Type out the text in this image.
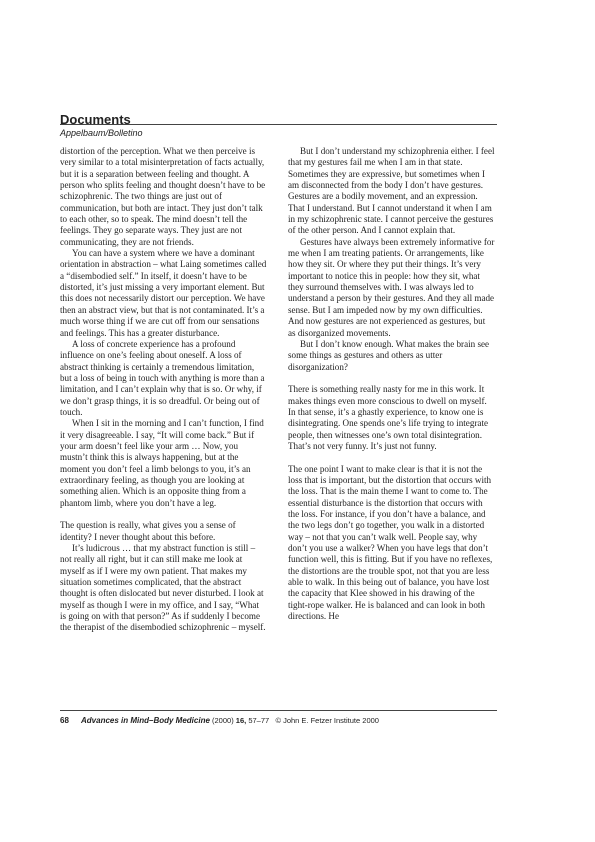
Documents
Appelbaum/Bolletino

distortion of the perception. What we then perceive is very similar to a total misinterpretation of facts actually, but it is a separation between feeling and thought. A person who splits feeling and thought doesn’t have to be schizophrenic. The two things are just out of communication, but both are intact. They just don’t talk to each other, so to speak. The mind doesn’t tell the feelings. They go separate ways. They just are not communicating, they are not friends.

You can have a system where we have a dominant orientation in abstraction – what Laing sometimes called a “disembodied self.” In itself, it doesn’t have to be distorted, it’s just missing a very important element. But this does not necessarily distort our perception. We have then an abstract view, but that is not contaminated. It’s a much worse thing if we are cut off from our sensations and feelings. This has a greater disturbance.

A loss of concrete experience has a profound influence on one’s feeling about oneself. A loss of abstract thinking is certainly a tremendous limitation, but a loss of being in touch with anything is more than a limitation, and I can’t explain why that is so. Or why, if we don’t grasp things, it is so dreadful. Or being out of touch.

When I sit in the morning and I can’t function, I find it very disagreeable. I say, “It will come back.” But if your arm doesn’t feel like your arm … Now, you mustn’t think this is always happening, but at the moment you don’t feel a limb belongs to you, it’s an extraordinary feeling, as though you are looking at something alien. Which is an opposite thing from a phantom limb, where you don’t have a leg.

The question is really, what gives you a sense of identity? I never thought about this before.

It’s ludicrous … that my abstract function is still – not really all right, but it can still make me look at myself as if I were my own patient. That makes my situation sometimes complicated, that the abstract thought is often dislocated but never disturbed. I look at myself as though I were in my office, and I say, “What is going on with that person?” As if suddenly I become the therapist of the disembodied schizophrenic – myself.

But I don’t understand my schizophrenia either. I feel that my gestures fail me when I am in that state. Sometimes they are expressive, but sometimes when I am disconnected from the body I don’t have gestures. Gestures are a bodily movement, and an expression. That I understand. But I cannot understand it when I am in my schizophrenic state. I cannot perceive the gestures of the other person. And I cannot explain that.

Gestures have always been extremely informative for me when I am treating patients. Or arrangements, like how they sit. Or where they put their things. It’s very important to notice this in people: how they sit, what they surround themselves with. I was always led to understand a person by their gestures. And they all made sense. But I am impeded now by my own difficulties. And now gestures are not experienced as gestures, but as disorganized movements.

But I don’t know enough. What makes the brain see some things as gestures and others as utter disorganization?

There is something really nasty for me in this work. It makes things even more conscious to dwell on myself. In that sense, it’s a ghastly experience, to know one is disintegrating. One spends one’s life trying to integrate people, then witnesses one’s own total disintegration. That’s not very funny. It’s just not funny.

The one point I want to make clear is that it is not the loss that is important, but the distortion that occurs with the loss. That is the main theme I want to come to. The essential disturbance is the distortion that occurs with the loss. For instance, if you don’t have a balance, and the two legs don’t go together, you walk in a distorted way – not that you can’t walk well. People say, why don’t you use a walker? When you have legs that don’t function well, this is fitting. But if you have no reflexes, the distortions are the trouble spot, not that you are less able to walk. In this being out of balance, you have lost the capacity that Klee showed in his drawing of the tight-rope walker. He is balanced and can look in both directions. He

68 Advances in Mind–Body Medicine (2000) 16, 57–77 © John E. Fetzer Institute 2000
